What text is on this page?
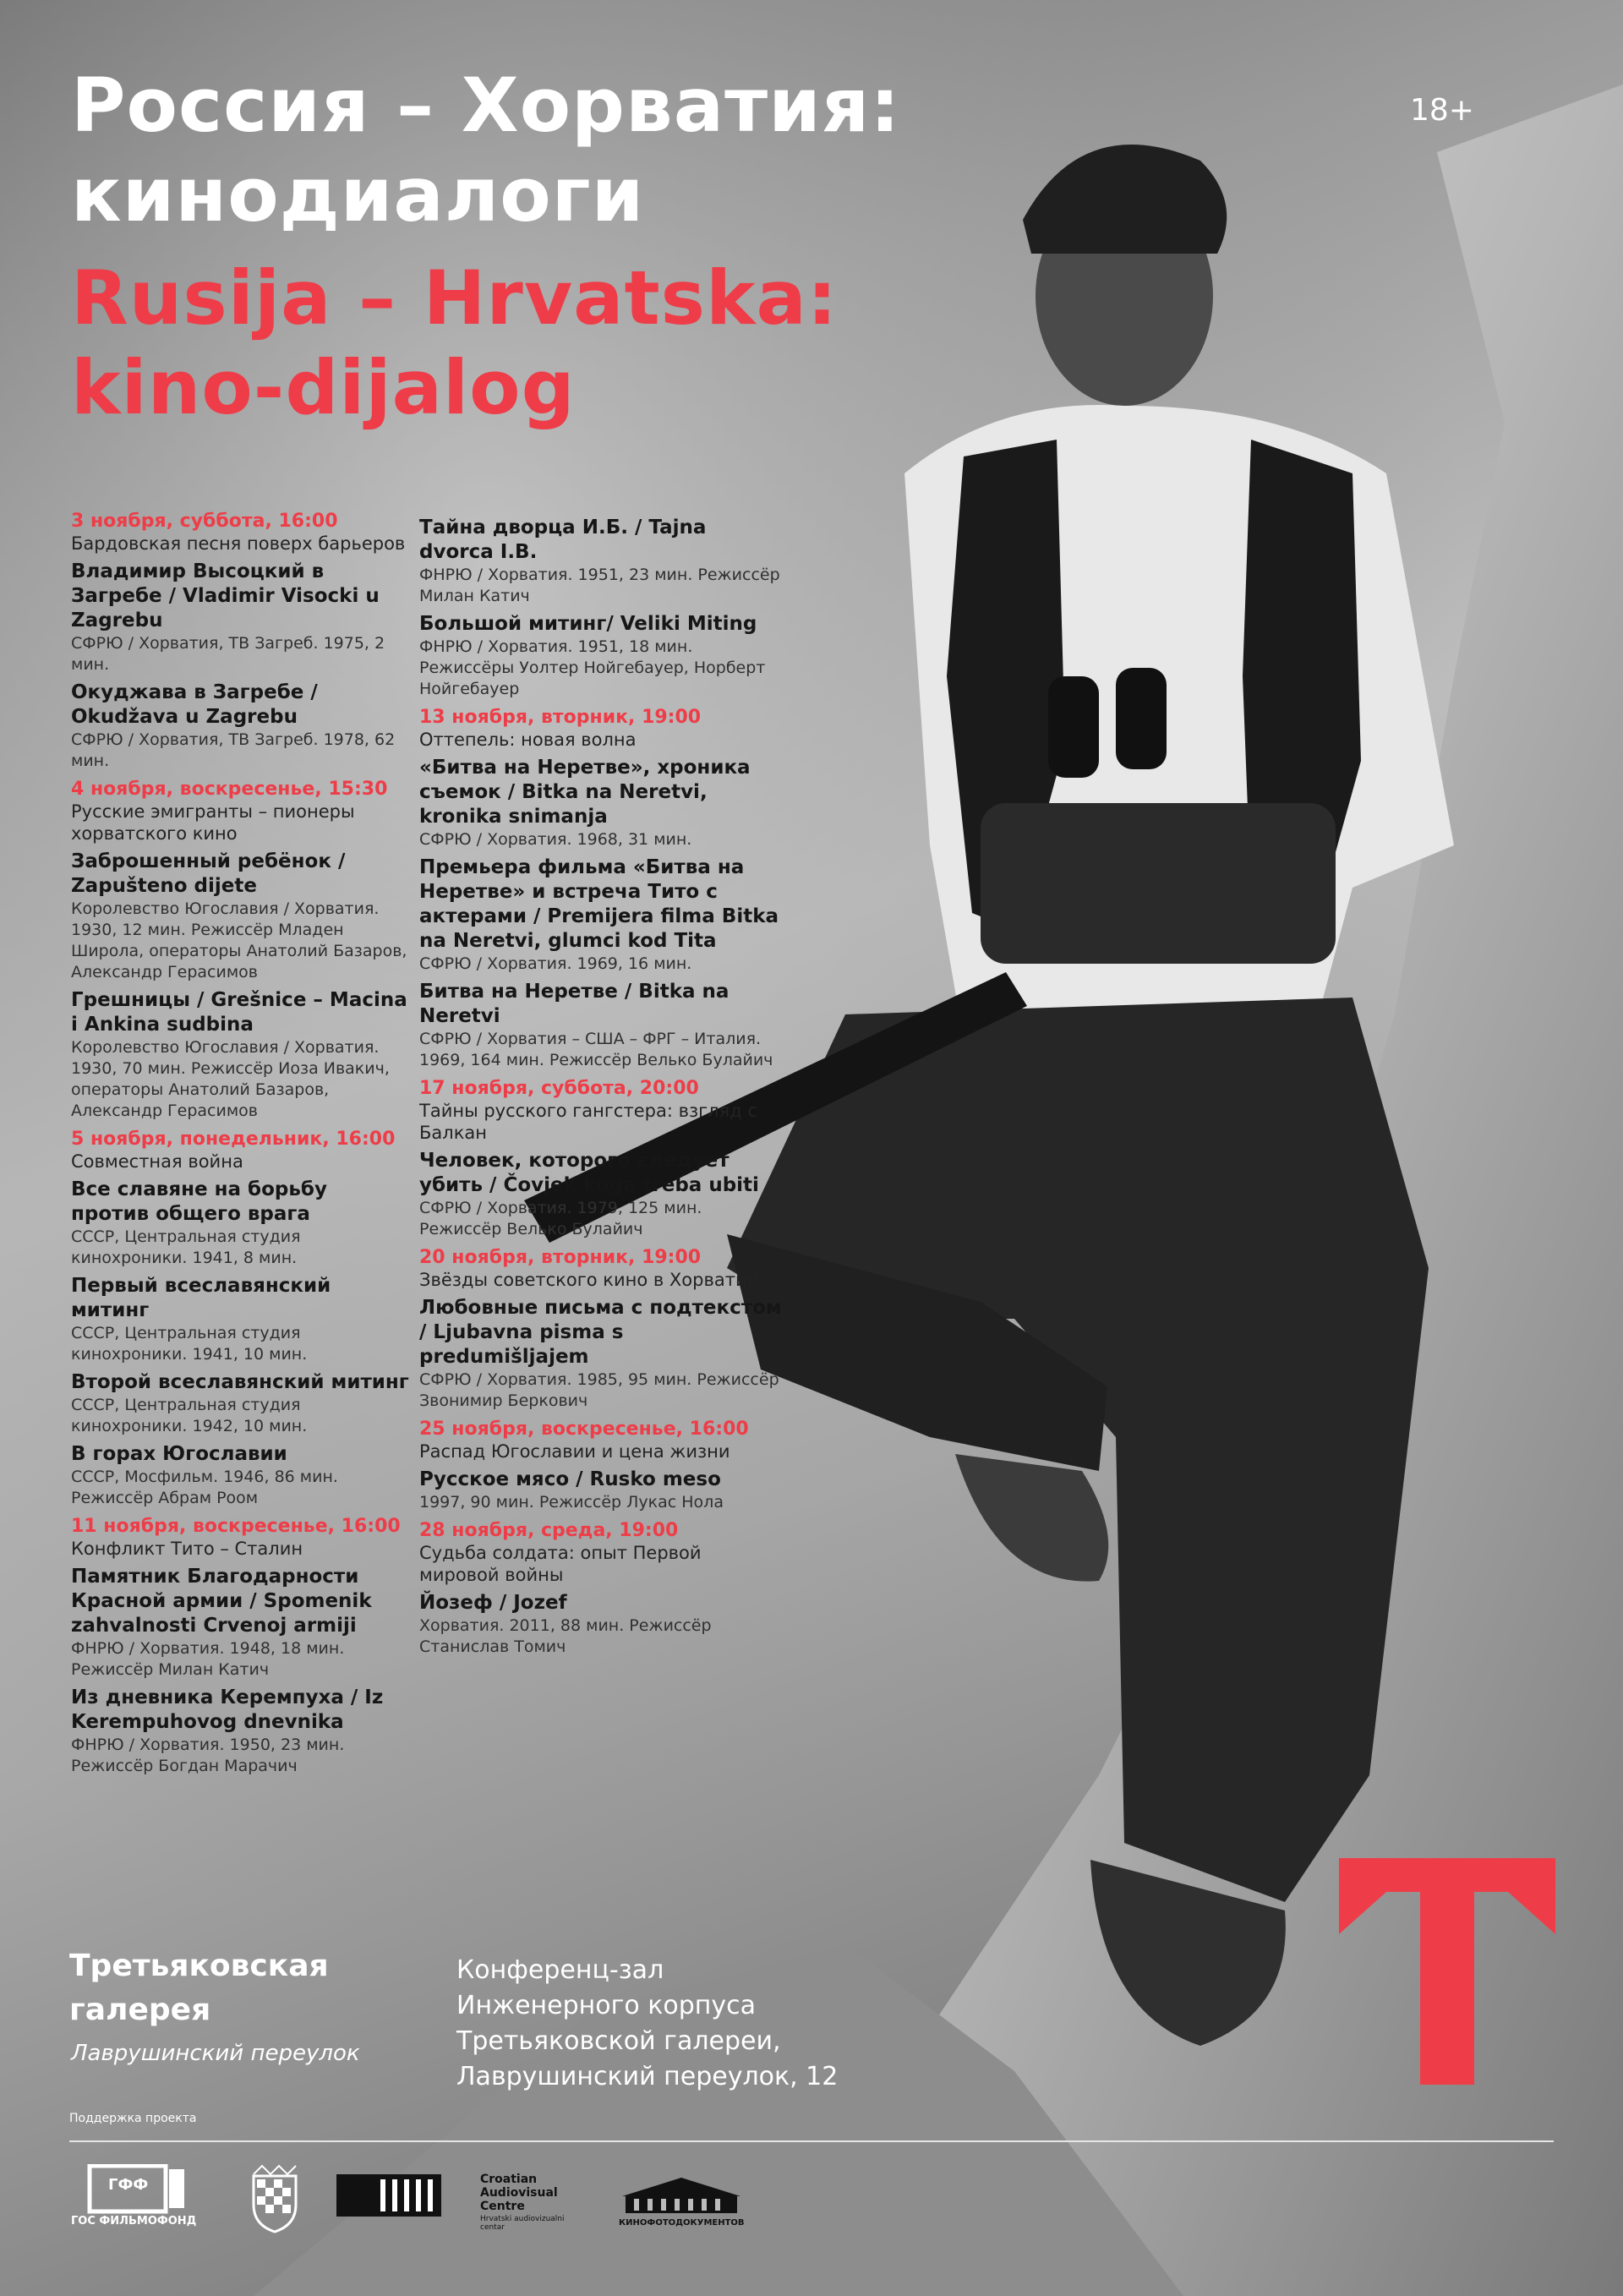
Россия – Хорватия:
кинодиалоги
Rusija – Hrvatska:
kino-dijalog
18+
3 ноября, суббота, 16:00
Бардовская песня поверх барьеров
Владимир Высоцкий в Загребе / Vladimir Visocki u Zagrebu
СФРЮ / Хорватия, ТВ Загреб. 1975, 2 мин.
Окуджава в Загребе / Okudžava u Zagrebu
СФРЮ / Хорватия, ТВ Загреб. 1978, 62 мин.
4 ноября, воскресенье, 15:30
Русские эмигранты – пионеры хорватского кино
Заброшенный ребёнок / Zapušteno dijete
Королевство Югославия / Хорватия. 1930, 12 мин. Режиссёр Младен Широла, операторы Анатолий Базаров, Александр Герасимов
Грешницы / Grešnice – Macina i Ankina sudbina
Королевство Югославия / Хорватия. 1930, 70 мин. Режиссёр Иоза Ивакич, операторы Анатолий Базаров, Александр Герасимов
5 ноября, понедельник, 16:00
Совместная война
Все славяне на борьбу против общего врага
СССР, Центральная студия кинохроники. 1941, 8 мин.
Первый всеславянский митинг
СССР, Центральная студия кинохроники. 1941, 10 мин.
Второй всеславянский митинг
СССР, Центральная студия кинохроники. 1942, 10 мин.
В горах Югославии
СССР, Мосфильм. 1946, 86 мин. Режиссёр Абрам Роом
11 ноября, воскресенье, 16:00
Конфликт Тито – Сталин
Памятник Благодарности Красной армии / Spomenik zahvalnosti Crvenoj armiji
ФНРЮ / Хорватия. 1948, 18 мин. Режиссёр Милан Катич
Из дневника Керемпуха / Iz Kerempuhovog dnevnika
ФНРЮ / Хорватия. 1950, 23 мин. Режиссёр Богдан Марачич
Тайна дворца И.Б. / Tajna dvorca I.B.
ФНРЮ / Хорватия. 1951, 23 мин. Режиссёр Милан Катич
Большой митинг/ Veliki Miting
ФНРЮ / Хорватия. 1951, 18 мин. Режиссёры Уолтер Нойгебауер, Норберт Нойгебауер
13 ноября, вторник, 19:00
Оттепель: новая волна
«Битва на Неретве», хроника съемок / Bitka na Neretvi, kronika snimanja
СФРЮ / Хорватия. 1968, 31 мин.
Премьера фильма «Битва на Неретве» и встреча Тито с актерами / Premijera filma Bitka na Neretvi, glumci kod Tita
СФРЮ / Хорватия. 1969, 16 мин.
Битва на Неретве / Bitka na Neretvi
СФРЮ / Хорватия – США – ФРГ – Италия. 1969, 164 мин. Режиссёр Велько Булайич
17 ноября, суббота, 20:00
Тайны русского гангстера: взгляд с Балкан
Человек, которого следует убить / Čovjek koga treba ubiti
СФРЮ / Хорватия. 1979, 125 мин. Режиссёр Велько Булайич
20 ноября, вторник, 19:00
Звёзды советского кино в Хорватии
Любовные письма с подтекстом / Ljubavna pisma s predumišljajem
СФРЮ / Хорватия. 1985, 95 мин. Режиссёр Звонимир Беркович
25 ноября, воскресенье, 16:00
Распад Югославии и цена жизни
Русское мясо / Rusko meso
1997, 90 мин. Режиссёр Лукас Нола
28 ноября, среда, 19:00
Судьба солдата: опыт Первой мировой войны
Йозеф / Jozef
Хорватия. 2011, 88 мин. Режиссёр Станислав Томич
Третьяковская
галерея
Лаврушинский переулок
Конференц-зал
Инженерного корпуса
Третьяковской галереи,
Лаврушинский переулок, 12
Поддержка проекта
ГФФ
ГОС ФИЛЬМОФОНД
Croatian
Audiovisual
Centre
Hrvatski audiovizualni centar	КИНОФОТОДОКУМЕНТОВ
